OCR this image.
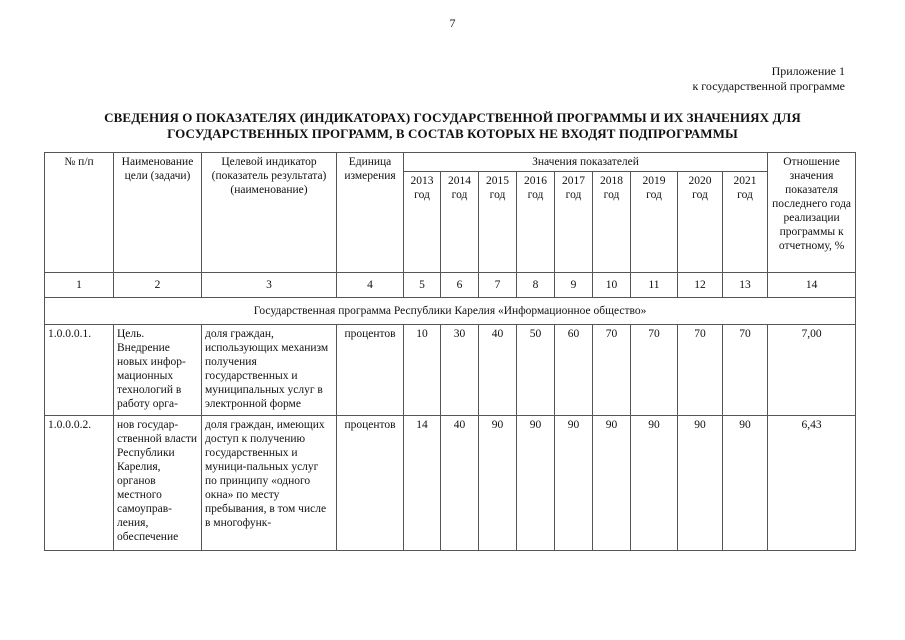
7
Приложение 1
к государственной программе
СВЕДЕНИЯ О ПОКАЗАТЕЛЯХ (ИНДИКАТОРАХ) ГОСУДАРСТВЕННОЙ ПРОГРАММЫ И ИХ ЗНАЧЕНИЯХ ДЛЯ
ГОСУДАРСТВЕННЫХ ПРОГРАММ, В СОСТАВ КОТОРЫХ НЕ ВХОДЯТ ПОДПРОГРАММЫ
№ п/п	Наименование цели (задачи)	Целевой индикатор (показатель результата) (наименование)	Единица измерения	Значения показателей									Отношение значения показателя последнего года реализации программы к отчетному, %
				2013 год	2014 год	2015 год	2016 год	2017 год	2018 год	2019 год	2020 год	2021 год	
1	2	3	4	5	6	7	8	9	10	11	12	13	14
Государственная программа Республики Карелия «Информационное общество»													
1.0.0.0.1.	Цель. Внедрение новых инфор-мационных технологий в работу орга-	доля граждан, использующих механизм получения государственных и муниципальных услуг в электронной форме	процентов	10	30	40	50	60	70	70	70	70	7,00
1.0.0.0.2.	нов государ-ственной власти Республики Карелия, органов местного самоуправ-ления, обеспечение	доля граждан, имеющих доступ к получению государственных и муници-пальных услуг по принципу «одного окна» по месту пребывания, в том числе в многофунк-	процентов	14	40	90	90	90	90	90	90	90	6,43
